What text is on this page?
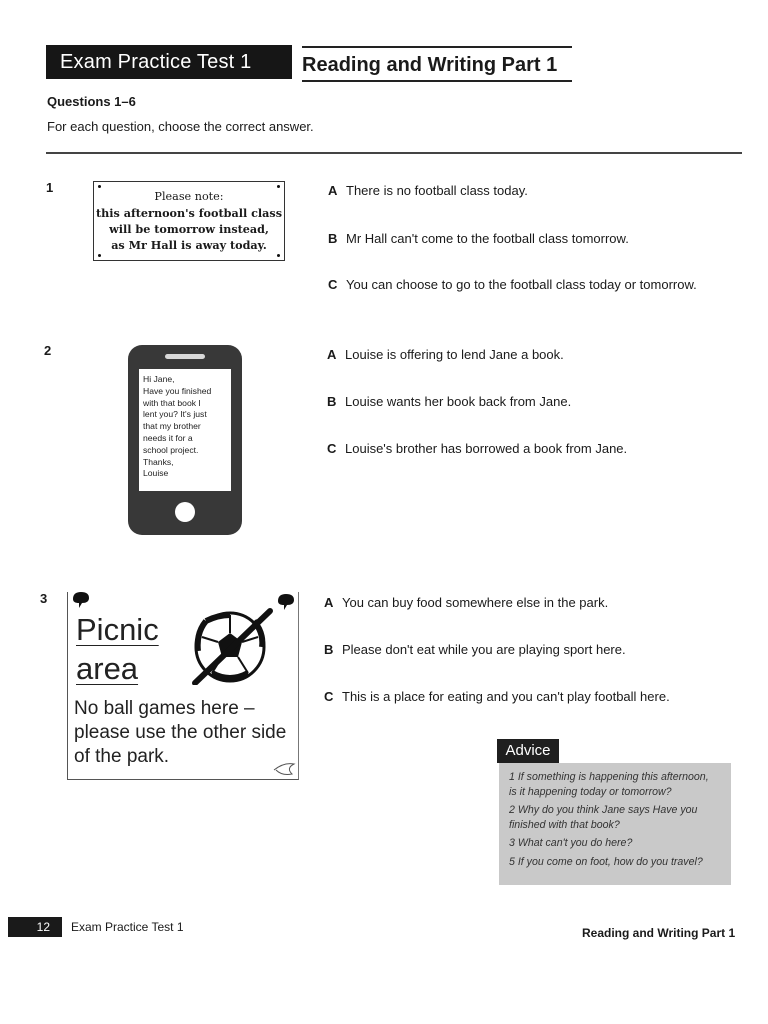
Exam Practice Test 1	Reading and Writing Part 1
Questions 1–6
For each question, choose the correct answer.
1
Please note:
this afternoon's football class
will be tomorrow instead,
as Mr Hall is away today.
A There is no football class today.
B Mr Hall can't come to the football class tomorrow.
C You can choose to go to the football class today or tomorrow.
2
Hi Jane,
Have you finished
with that book I
lent you? It's just
that my brother
needs it for a
school project.
Thanks,
Louise
A Louise is offering to lend Jane a book.
B Louise wants her book back from Jane.
C Louise's brother has borrowed a book from Jane.
3
Picnic
area
No ball games here –
please use the other side
of the park.
A You can buy food somewhere else in the park.
B Please don't eat while you are playing sport here.
C This is a place for eating and you can't play football here.
Advice
1 If something is happening this afternoon,
is it happening today or tomorrow?
2 Why do you think Jane says Have you
finished with that book?
3 What can't you do here?
5 If you come on foot, how do you travel?
12	Exam Practice Test 1	Reading and Writing Part 1
